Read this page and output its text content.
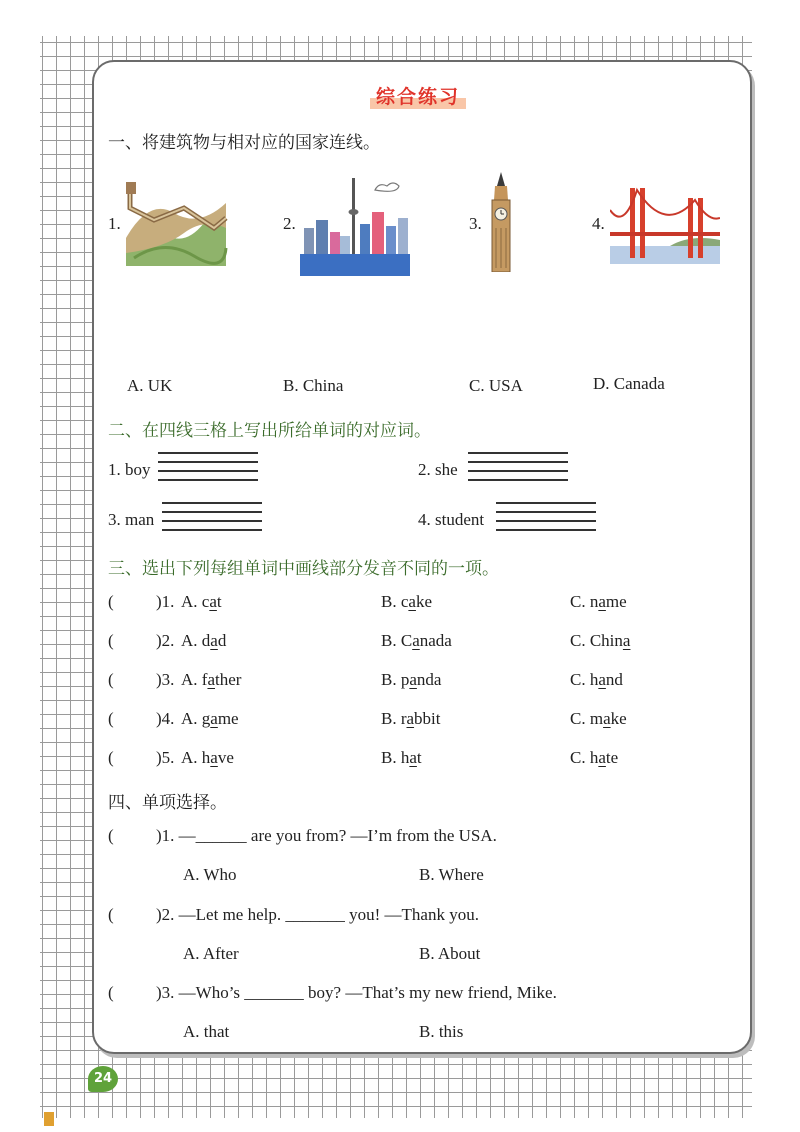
综合练习
一、将建筑物与相对应的国家连线。
1.	2.	3.	4.
A. UK	B. China	C. USA	D. Canada
二、在四线三格上写出所给单词的对应词。
1. boy	2. she
3. man	4. student
三、选出下列每组单词中画线部分发音不同的一项。
( )1. A. cat	B. cake	C. name
( )2. A. dad	B. Canada	C. China
( )3. A. father	B. panda	C. hand
( )4. A. game	B. rabbit	C. make
( )5. A. have	B. hat	C. hate
四、单项选择。
( )1. —______ are you from? —I’m from the USA.
A. Who	B. Where
( )2. —Let me help. _______ you! —Thank you.
A. After	B. About
( )3. —Who’s _______ boy? —That’s my new friend, Mike.
A. that	B. this
24
